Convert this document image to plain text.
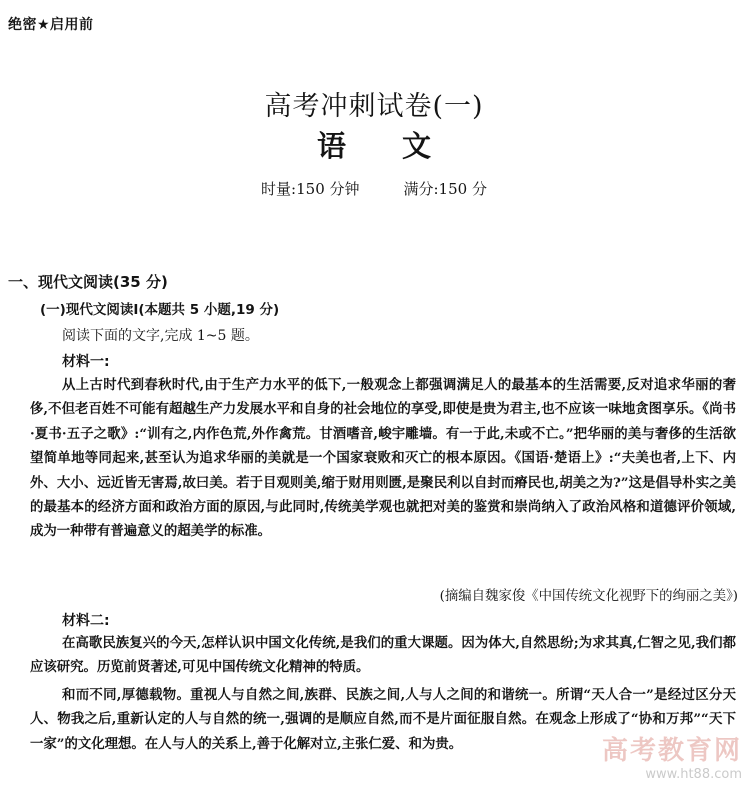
绝密★启用前
高考冲刺试卷(一)
语文
时量:150 分钟	满分:150 分
一、现代文阅读(35 分)
(一)现代文阅读Ⅰ(本题共 5 小题,19 分)
阅读下面的文字,完成 1~5 题。
材料一:

从上古时代到春秋时代,由于生产力水平的低下,一般观念上都强调满足人的最基本的生活需要,反对追求华丽的奢侈,不但老百姓不可能有超越生产力发展水平和自身的社会地位的享受,即使是贵为君主,也不应该一味地贪图享乐。《尚书·夏书·五子之歌》:“训有之,内作色荒,外作禽荒。甘酒嗜音,峻宇雕墙。有一于此,未或不亡。”把华丽的美与奢侈的生活欲望简单地等同起来,甚至认为追求华丽的美就是一个国家衰败和灭亡的根本原因。《国语·楚语上》:“夫美也者,上下、内外、大小、远近皆无害焉,故曰美。若于目观则美,缩于财用则匮,是聚民利以自封而瘠民也,胡美之为?”这是倡导朴实之美的最基本的经济方面和政治方面的原因,与此同时,传统美学观也就把对美的鉴赏和崇尚纳入了政治风格和道德评价领域,成为一种带有普遍意义的超美学的标准。

(摘编自魏家俊《中国传统文化视野下的绚丽之美》)
材料二:

在高歌民族复兴的今天,怎样认识中国文化传统,是我们的重大课题。因为体大,自然思纷;为求其真,仁智之见,我们都应该研究。历览前贤著述,可见中国传统文化精神的特质。

和而不同,厚德载物。重视人与自然之间,族群、民族之间,人与人之间的和谐统一。所谓“天人合一”是经过区分天人、物我之后,重新认定的人与自然的统一,强调的是顺应自然,而不是片面征服自然。在观念上形成了“协和万邦”“天下一家”的文化理想。在人与人的关系上,善于化解对立,主张仁爱、和为贵。	高考教育网
www.ht88.com
